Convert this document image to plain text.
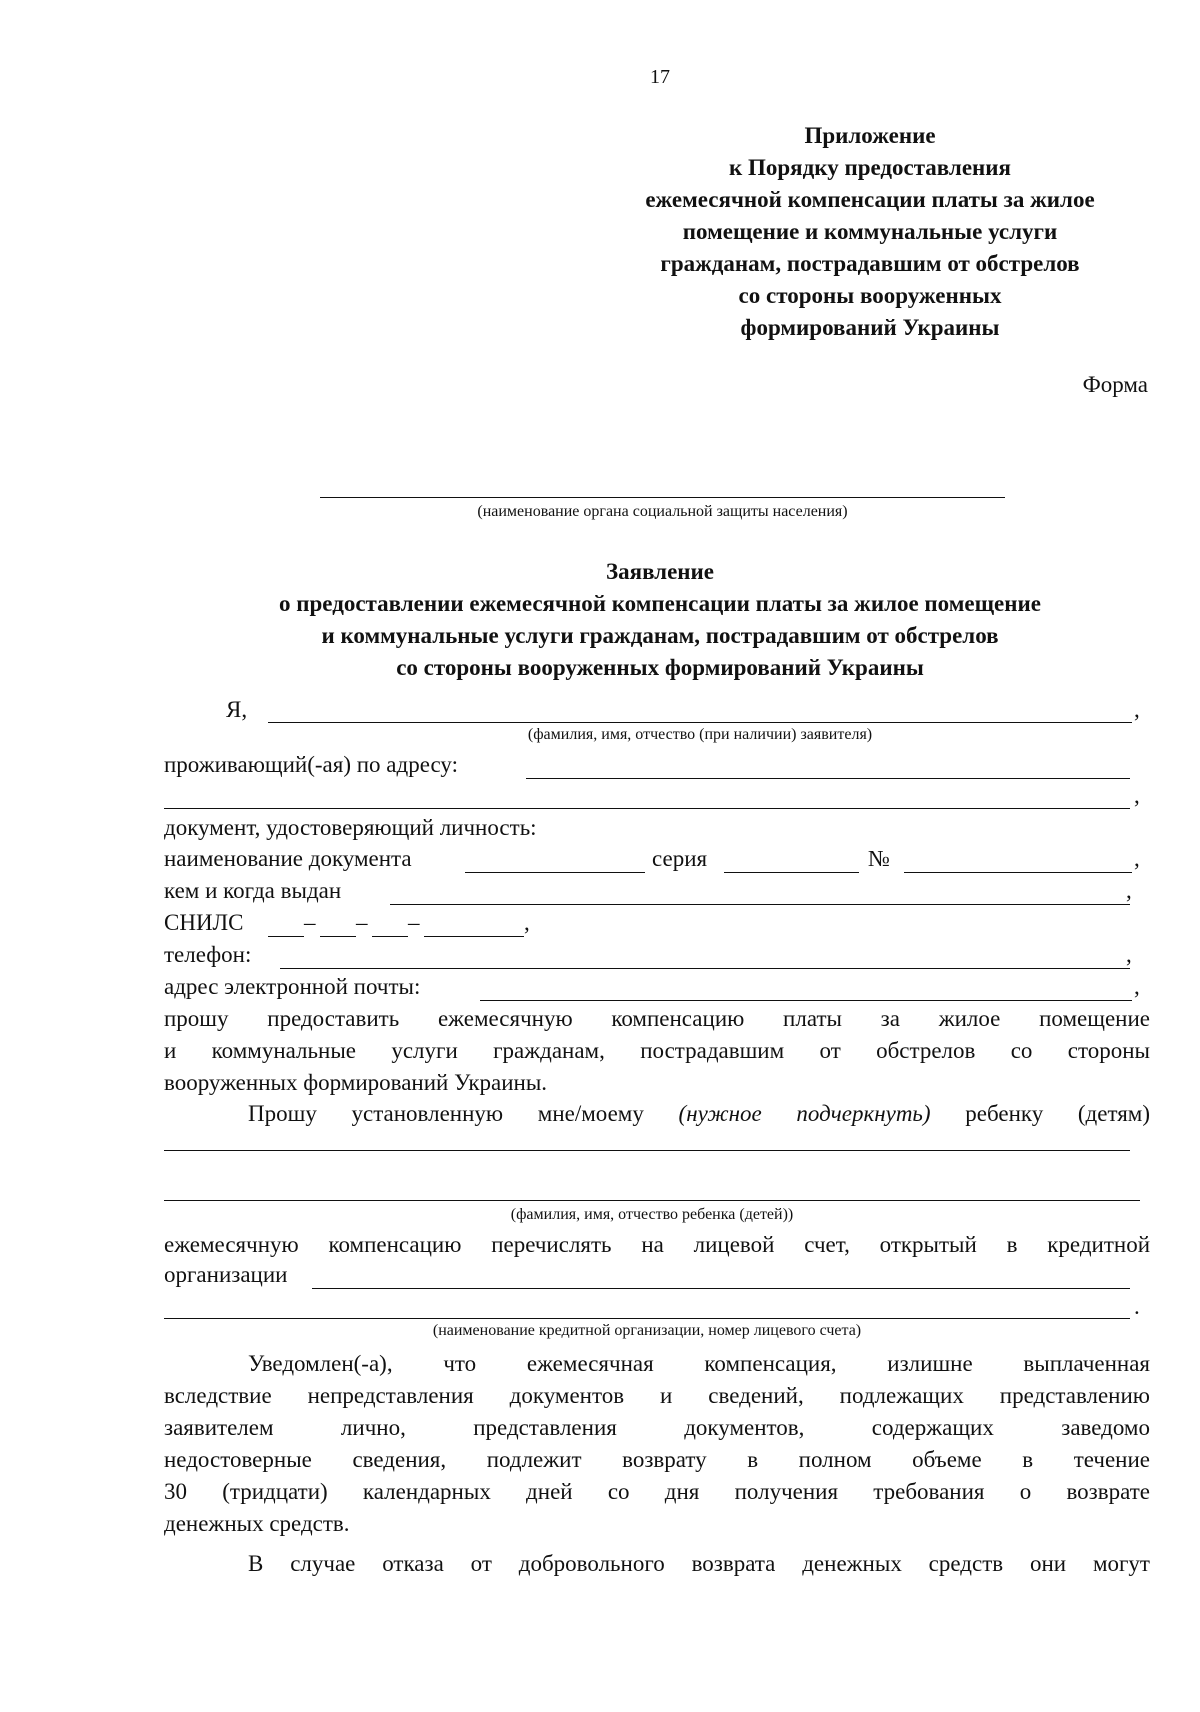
17
Приложение
к Порядку предоставления
ежемесячной компенсации платы за жилое
помещение и коммунальные услуги
гражданам, пострадавшим от обстрелов
со стороны вооруженных
формирований Украины
Форма
(наименование органа социальной защиты населения)
Заявление
о предоставлении ежемесячной компенсации платы за жилое помещение
и коммунальные услуги гражданам, пострадавшим от обстрелов
со стороны вооруженных формирований Украины
Я,	,
(фамилия, имя, отчество (при наличии) заявителя)
проживающий(-ая) по адресу:
,
документ, удостоверяющий личность:
наименование документа	серия	№	,
кем и когда выдан	,
СНИЛС	– – –	,
телефон:	,
адрес электронной почты:	,
прошу предоставить ежемесячную компенсацию платы за жилое помещение
и коммунальные услуги гражданам, пострадавшим от обстрелов со стороны
вооруженных формирований Украины.
Прошу установленную мне/моему (нужное подчеркнуть) ребенку (детям)
(фамилия, имя, отчество ребенка (детей))
ежемесячную компенсацию перечислять на лицевой счет, открытый в кредитной
организации
.
(наименование кредитной организации, номер лицевого счета)
Уведомлен(-а), что ежемесячная компенсация, излишне выплаченная
вследствие непредставления документов и сведений, подлежащих представлению
заявителем лично, представления документов, содержащих заведомо
недостоверные сведения, подлежит возврату в полном объеме в течение
30 (тридцати) календарных дней со дня получения требования о возврате
денежных средств.
В случае отказа от добровольного возврата денежных средств они могут
